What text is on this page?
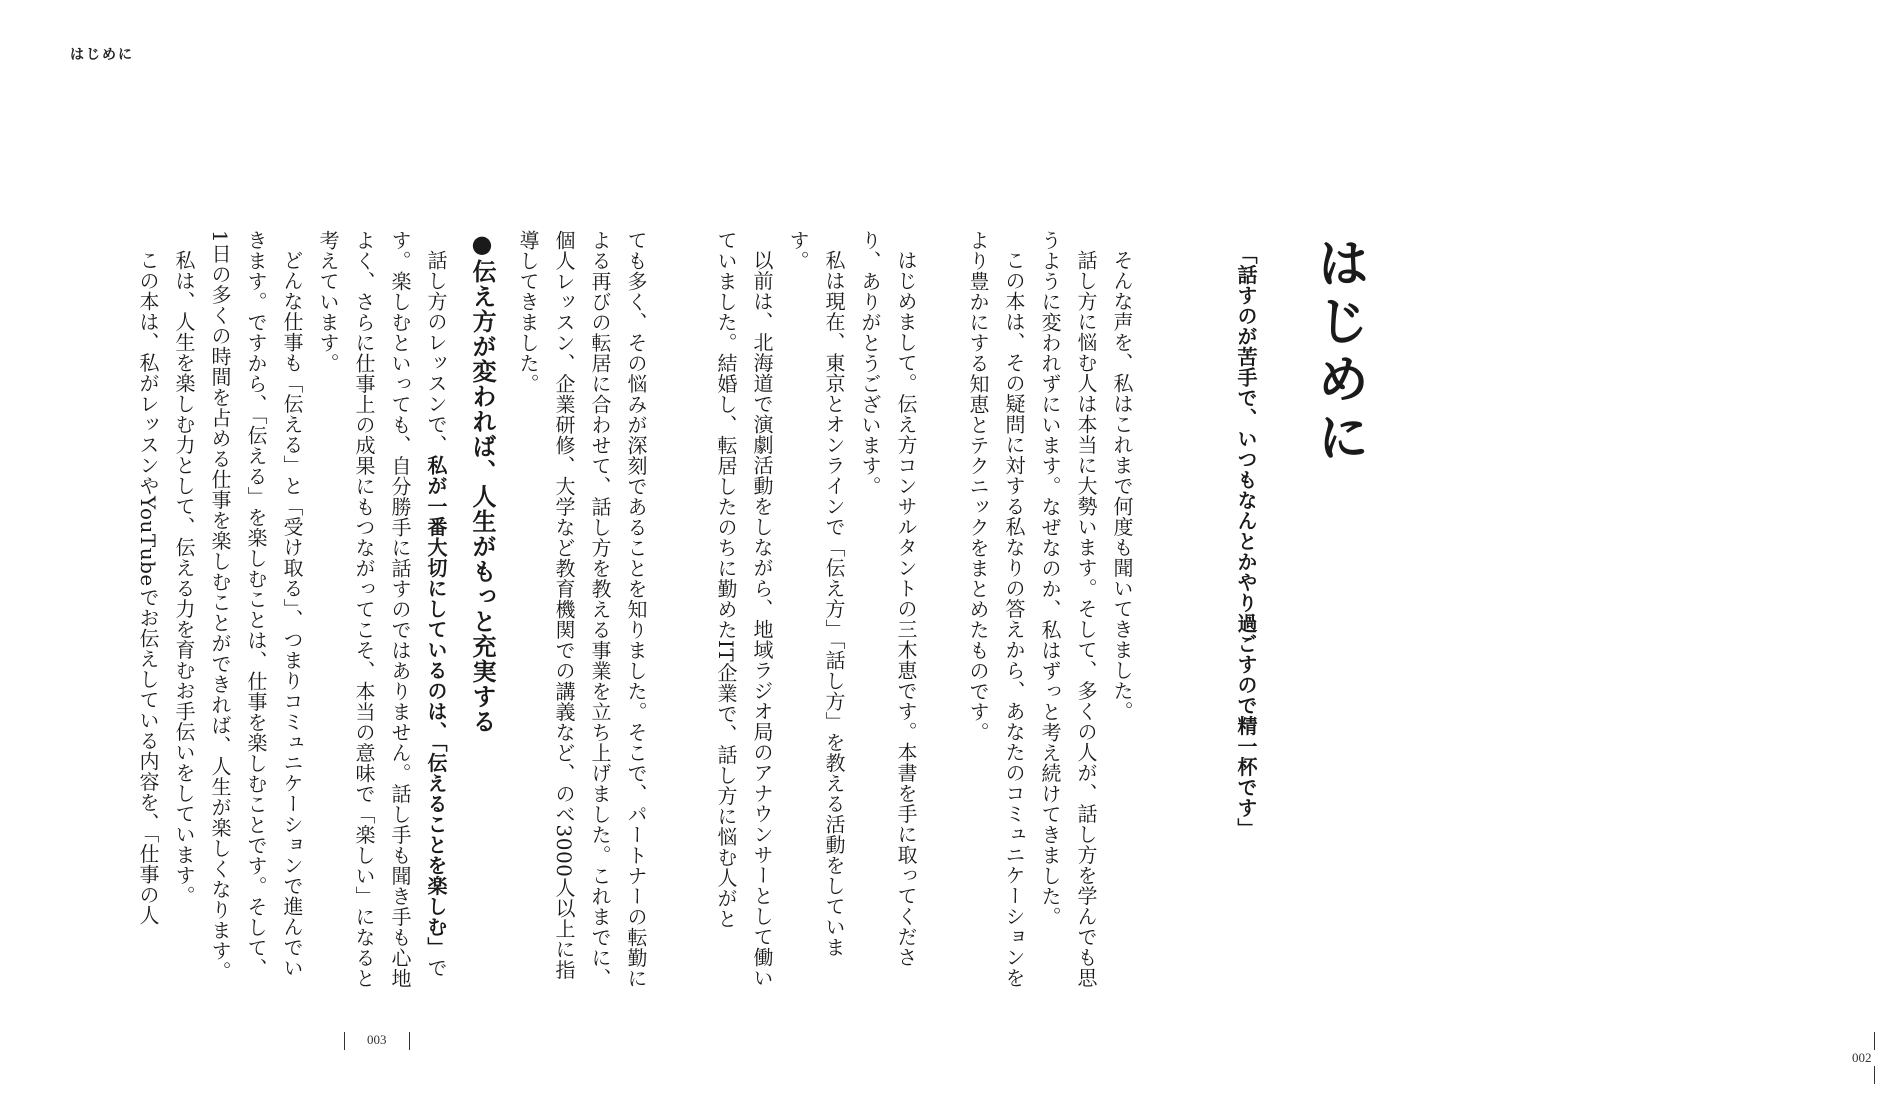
はじめに

ても多く、その悩みが深刻であることを知りました。そこで、パートナーの転勤による再びの転居に合わせて、話し方を教える事業を立ち上げました。これまでに、個人レッスン、企業研修、大学など教育機関での講義など、のべ3000人以上に指導してきました。

●伝え方が変われば、人生がもっと充実する

話し方のレッスンで、私が一番大切にしているのは、「伝えることを楽しむ」です。楽しむといっても、自分勝手に話すのではありません。話し手も聞き手も心地よく、さらに仕事上の成果にもつながってこそ、本当の意味で「楽しい」になると考えています。

どんな仕事も「伝える」と「受け取る」、つまりコミュニケーションで進んでいきます。ですから、「伝える」を楽しむことは、仕事を楽しむことです。そして、1日の多くの時間を占める仕事を楽しむことができれば、人生が楽しくなります。

私は、人生を楽しむ力として、伝える力を育むお手伝いをしています。

この本は、私がレッスンやYouTubeでお伝えしている内容を、「仕事の人

003
はじめに
「話すのが苦手で、いつもなんとかやり過ごすので精一杯です」

そんな声を、私はこれまで何度も聞いてきました。

話し方に悩む人は本当に大勢います。そして、多くの人が、話し方を学んでも思うように変われずにいます。なぜなのか、私はずっと考え続けてきました。

この本は、その疑問に対する私なりの答えから、あなたのコミュニケーションをより豊かにする知恵とテクニックをまとめたものです。

はじめまして。伝え方コンサルタントの三木恵です。本書を手に取ってくださり、ありがとうございます。

私は現在、東京とオンラインで「伝え方」「話し方」を教える活動をしています。

以前は、北海道で演劇活動をしながら、地域ラジオ局のアナウンサーとして働いていました。結婚し、転居したのちに勤めたIT企業で、話し方に悩む人がと

002
